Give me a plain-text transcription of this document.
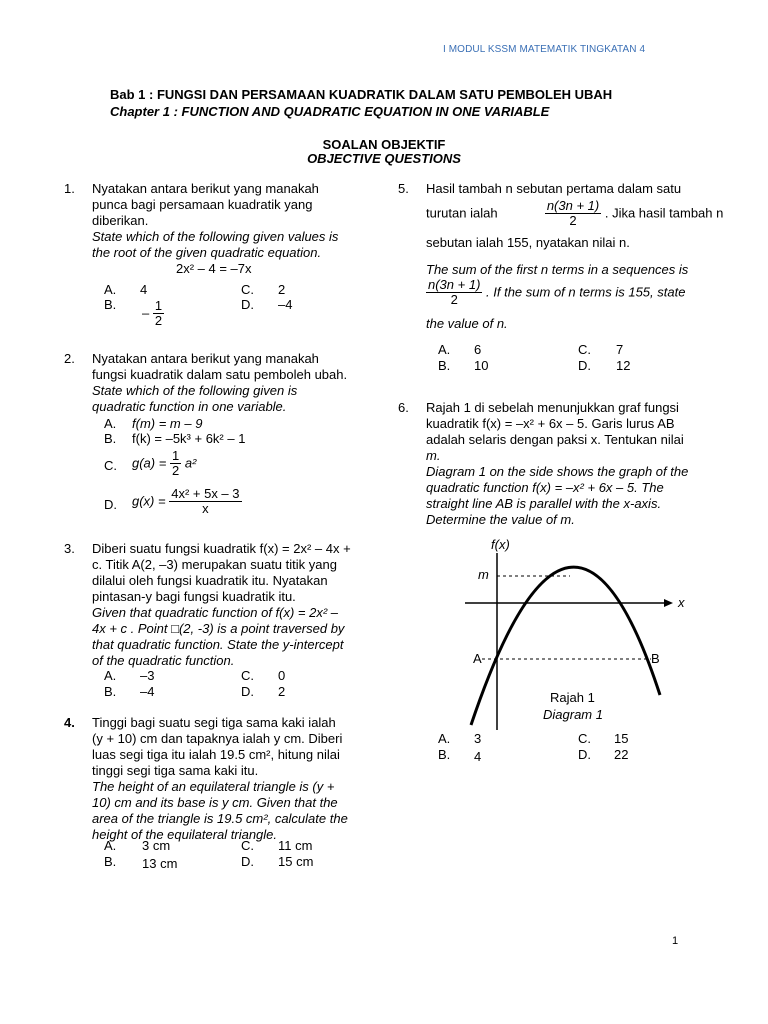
I MODUL KSSM MATEMATIK TINGKATAN 4
Bab 1 : FUNGSI DAN PERSAMAAN KUADRATIK DALAM SATU PEMBOLEH UBAH
Chapter 1 : FUNCTION AND QUADRATIC EQUATION IN ONE VARIABLE
SOALAN OBJEKTIF
OBJECTIVE QUESTIONS
1. Nyatakan antara berikut yang manakah
punca bagi persamaan kuadratik yang
diberikan.
State which of the following given values is
the root of the given quadratic equation.
2x² – 4 = –7x
A. 4
B.
– $\frac{1}{2}$
C. 2
D. –4
2. Nyatakan antara berikut yang manakah
fungsi kuadratik dalam satu pemboleh ubah.
State which of the following given is
quadratic function in one variable.
A. f(m) = m – 9
B. f(k) = –5k³ + 6k² – 1
C. $g(a) = \frac{1}{2} a^2$
D. $g(x) = \frac{\text{4x² + 5x – 3}}{x}$
3. Diberi suatu fungsi kuadratik f(x) = 2x² – 4x +
c. Titik A(2, –3) merupakan suatu titik yang
dilalui oleh fungsi kuadratik itu. Nyatakan
pintasan-y bagi fungsi kuadratik itu.
Given that quadratic function of f(x) = 2x² –
4x + c . Point □(2, -3) is a point traversed by
that quadratic function. State the y-intercept
of the quadratic function.
A. –3
B. –4
C. 0
D. 2
4. Tinggi bagi suatu segi tiga sama kaki ialah
(y + 10) cm dan tapaknya ialah y cm. Diberi
luas segi tiga itu ialah 19.5 cm², hitung nilai
tinggi segi tiga sama kaki itu.
The height of an equilateral triangle is (y +
10) cm and its base is y cm. Given that the
area of the triangle is 19.5 cm², calculate the
height of the equilateral triangle.
A. 3 cm
B. 13 cm
C. 11 cm
D. 15 cm
5. Hasil tambah n sebutan pertama dalam satu
turutan ialah	$\frac{n(3n + 1)}{2}$ . Jika hasil tambah n
sebutan ialah 155, nyatakan nilai n.
The sum of the first n terms in a sequences is
$\frac{n(3n + 1)}{2}$ . If the sum of n terms is 155, state
the value of n.
A. 6
B. 10
C. 7
D. 12
6. Rajah 1 di sebelah menunjukkan graf fungsi
kuadratik f(x) = –x² + 6x – 5. Garis lurus AB
adalah selaris dengan paksi x. Tentukan nilai
m.
Diagram 1 on the side shows the graph of the
quadratic function f(x) = –x² + 6x – 5. The
straight line AB is parallel with the x-axis.
Determine the value of m.
f(x)
x
m
A	B
Rajah 1
Diagram 1
A. 3
B. 4
C. 15
D. 22
1
